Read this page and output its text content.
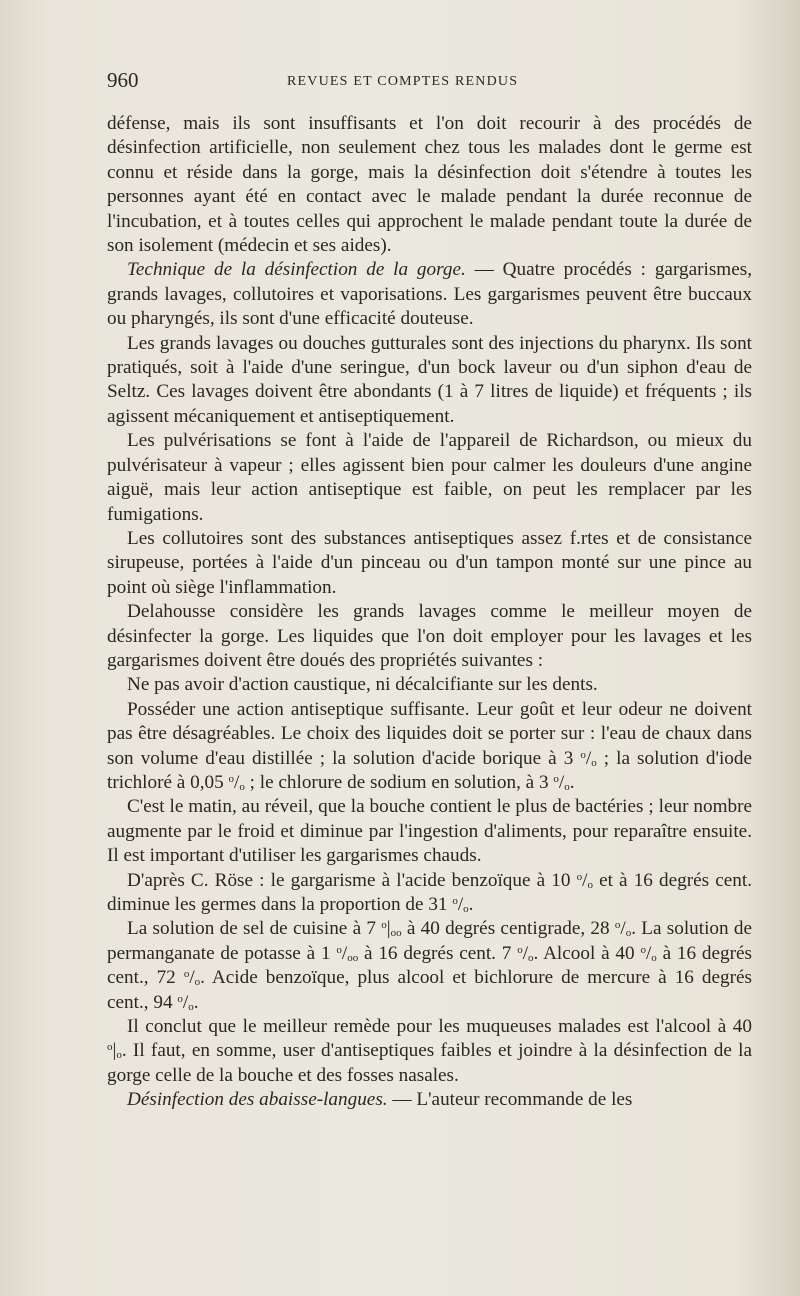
960	REVUES ET COMPTES RENDUS

défense, mais ils sont insuffisants et l'on doit recourir à des procédés de désinfection artificielle, non seulement chez tous les malades dont le germe est connu et réside dans la gorge, mais la désinfection doit s'étendre à toutes les personnes ayant été en contact avec le malade pendant la durée reconnue de l'incubation, et à toutes celles qui approchent le malade pendant toute la durée de son isolement (médecin et ses aides).

Technique de la désinfection de la gorge. — Quatre procédés : gargarismes, grands lavages, collutoires et vaporisations. Les gargarismes peuvent être buccaux ou pharyngés, ils sont d'une efficacité douteuse.

Les grands lavages ou douches gutturales sont des injections du pharynx. Ils sont pratiqués, soit à l'aide d'une seringue, d'un bock laveur ou d'un siphon d'eau de Seltz. Ces lavages doivent être abondants (1 à 7 litres de liquide) et fréquents ; ils agissent mécaniquement et antiseptiquement.

Les pulvérisations se font à l'aide de l'appareil de Richardson, ou mieux du pulvérisateur à vapeur ; elles agissent bien pour calmer les douleurs d'une angine aiguë, mais leur action antiseptique est faible, on peut les remplacer par les fumigations.

Les collutoires sont des substances antiseptiques assez f.rtes et de consistance sirupeuse, portées à l'aide d'un pinceau ou d'un tampon monté sur une pince au point où siège l'inflammation.

Delahousse considère les grands lavages comme le meilleur moyen de désinfecter la gorge. Les liquides que l'on doit employer pour les lavages et les gargarismes doivent être doués des propriétés suivantes :

Ne pas avoir d'action caustique, ni décalcifiante sur les dents.

Posséder une action antiseptique suffisante. Leur goût et leur odeur ne doivent pas être désagréables. Le choix des liquides doit se porter sur : l'eau de chaux dans son volume d'eau distillée ; la solution d'acide borique à 3 $^o/_o$ ; la solution d'iode trichloré à 0,05 $^o/_o$ ; le chlorure de sodium en solution, à 3 $^o/_o$.

C'est le matin, au réveil, que la bouche contient le plus de bactéries ; leur nombre augmente par le froid et diminue par l'ingestion d'aliments, pour reparaître ensuite. Il est important d'utiliser les gargarismes chauds.

D'après C. Röse : le gargarisme à l'acide benzoïque à 10 $^o/_o$ et à 16 degrés cent. diminue les germes dans la proportion de 31 $^o/_o$.

La solution de sel de cuisine à 7 $^o|_{oo}$ à 40 degrés centigrade, 28 $^o/_o$. La solution de permanganate de potasse à 1 $^o/_{oo}$ à 16 degrés cent. 7 $^o/_o$. Alcool à 40 $^o/_o$ à 16 degrés cent., 72 $^o/_o$. Acide benzoïque, plus alcool et bichlorure de mercure à 16 degrés cent., 94 $^o/_o$.

Il conclut que le meilleur remède pour les muqueuses malades est l'alcool à 40 $^o|_o$. Il faut, en somme, user d'antiseptiques faibles et joindre à la désinfection de la gorge celle de la bouche et des fosses nasales.

Désinfection des abaisse-langues. — L'auteur recommande de les
